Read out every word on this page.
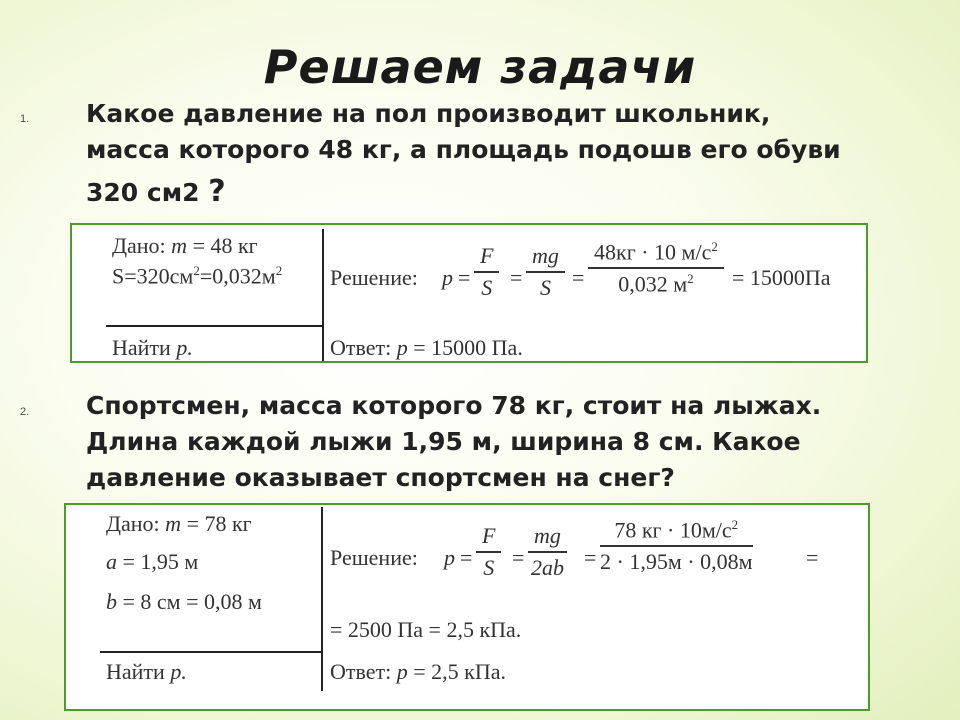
Решаем задачи
1. Какое давление на пол производит школьник,
масса которого 48 кг, а площадь подошв его обуви

320 см2 ?
Дано: m = 48 кг
$S=320см^2=0,032м^2$
Найти p.
Решение: $p = \frac{F}{S} = \frac{mg}{S}$ =
48кг · 10 $м/с^2$
0,032 $м^2$	= 15000Па
Ответ: p = 15000 Па.
2. Спортсмен, масса которого 78 кг, стоит на лыжах.
Длина каждой лыжи 1,95 м, ширина 8 см. Какое
давление оказывает спортсмен на снег?
Дано: m = 78 кг
a = 1,95 м
b = 8 см = 0,08 м
Найти p.
Решение: $p = \frac{F}{S} = \frac{mg}{2ab}$ =
78 кг · $10м/с^2$
2 · 1,95м · 0,08м =
= 2500 Па = 2,5 кПа.
Ответ: p = 2,5 кПа.
